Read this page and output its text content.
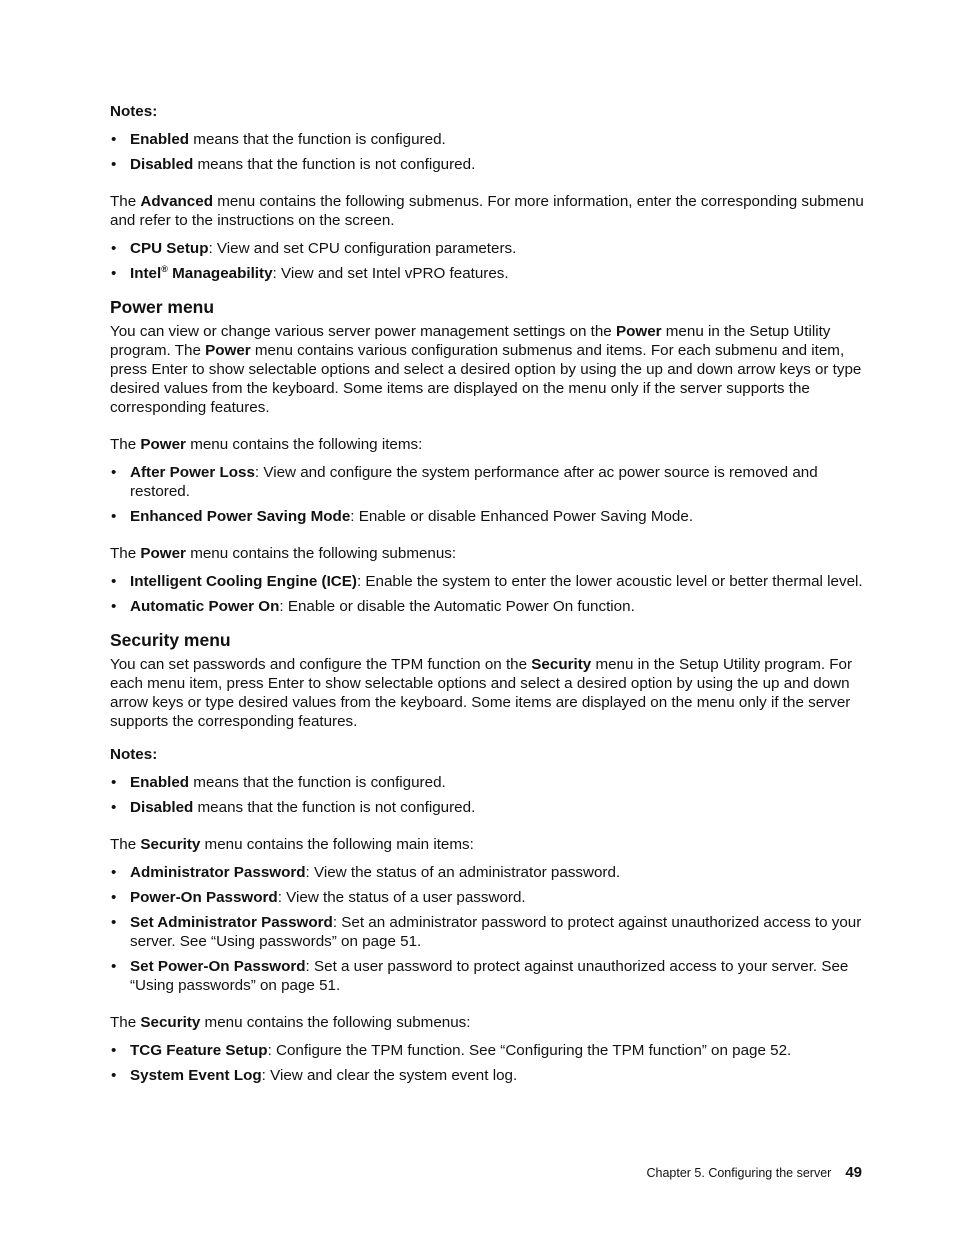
Notes:

• Enabled means that the function is configured.
• Disabled means that the function is not configured.

The Advanced menu contains the following submenus. For more information, enter the corresponding submenu and refer to the instructions on the screen.

• CPU Setup: View and set CPU configuration parameters.
• Intel® Manageability: View and set Intel vPRO features.
Power menu

You can view or change various server power management settings on the Power menu in the Setup Utility program. The Power menu contains various configuration submenus and items. For each submenu and item, press Enter to show selectable options and select a desired option by using the up and down arrow keys or type desired values from the keyboard. Some items are displayed on the menu only if the server supports the corresponding features.

The Power menu contains the following items:

• After Power Loss: View and configure the system performance after ac power source is removed and restored.
• Enhanced Power Saving Mode: Enable or disable Enhanced Power Saving Mode.

The Power menu contains the following submenus:

• Intelligent Cooling Engine (ICE): Enable the system to enter the lower acoustic level or better thermal level.
• Automatic Power On: Enable or disable the Automatic Power On function.
Security menu

You can set passwords and configure the TPM function on the Security menu in the Setup Utility program. For each menu item, press Enter to show selectable options and select a desired option by using the up and down arrow keys or type desired values from the keyboard. Some items are displayed on the menu only if the server supports the corresponding features.

Notes:

• Enabled means that the function is configured.
• Disabled means that the function is not configured.

The Security menu contains the following main items:

• Administrator Password: View the status of an administrator password.
• Power-On Password: View the status of a user password.
• Set Administrator Password: Set an administrator password to protect against unauthorized access to your server. See “Using passwords” on page 51.
• Set Power-On Password: Set a user password to protect against unauthorized access to your server. See “Using passwords” on page 51.

The Security menu contains the following submenus:

• TCG Feature Setup: Configure the TPM function. See “Configuring the TPM function” on page 52.
• System Event Log: View and clear the system event log.
Chapter 5. Configuring the server 49
